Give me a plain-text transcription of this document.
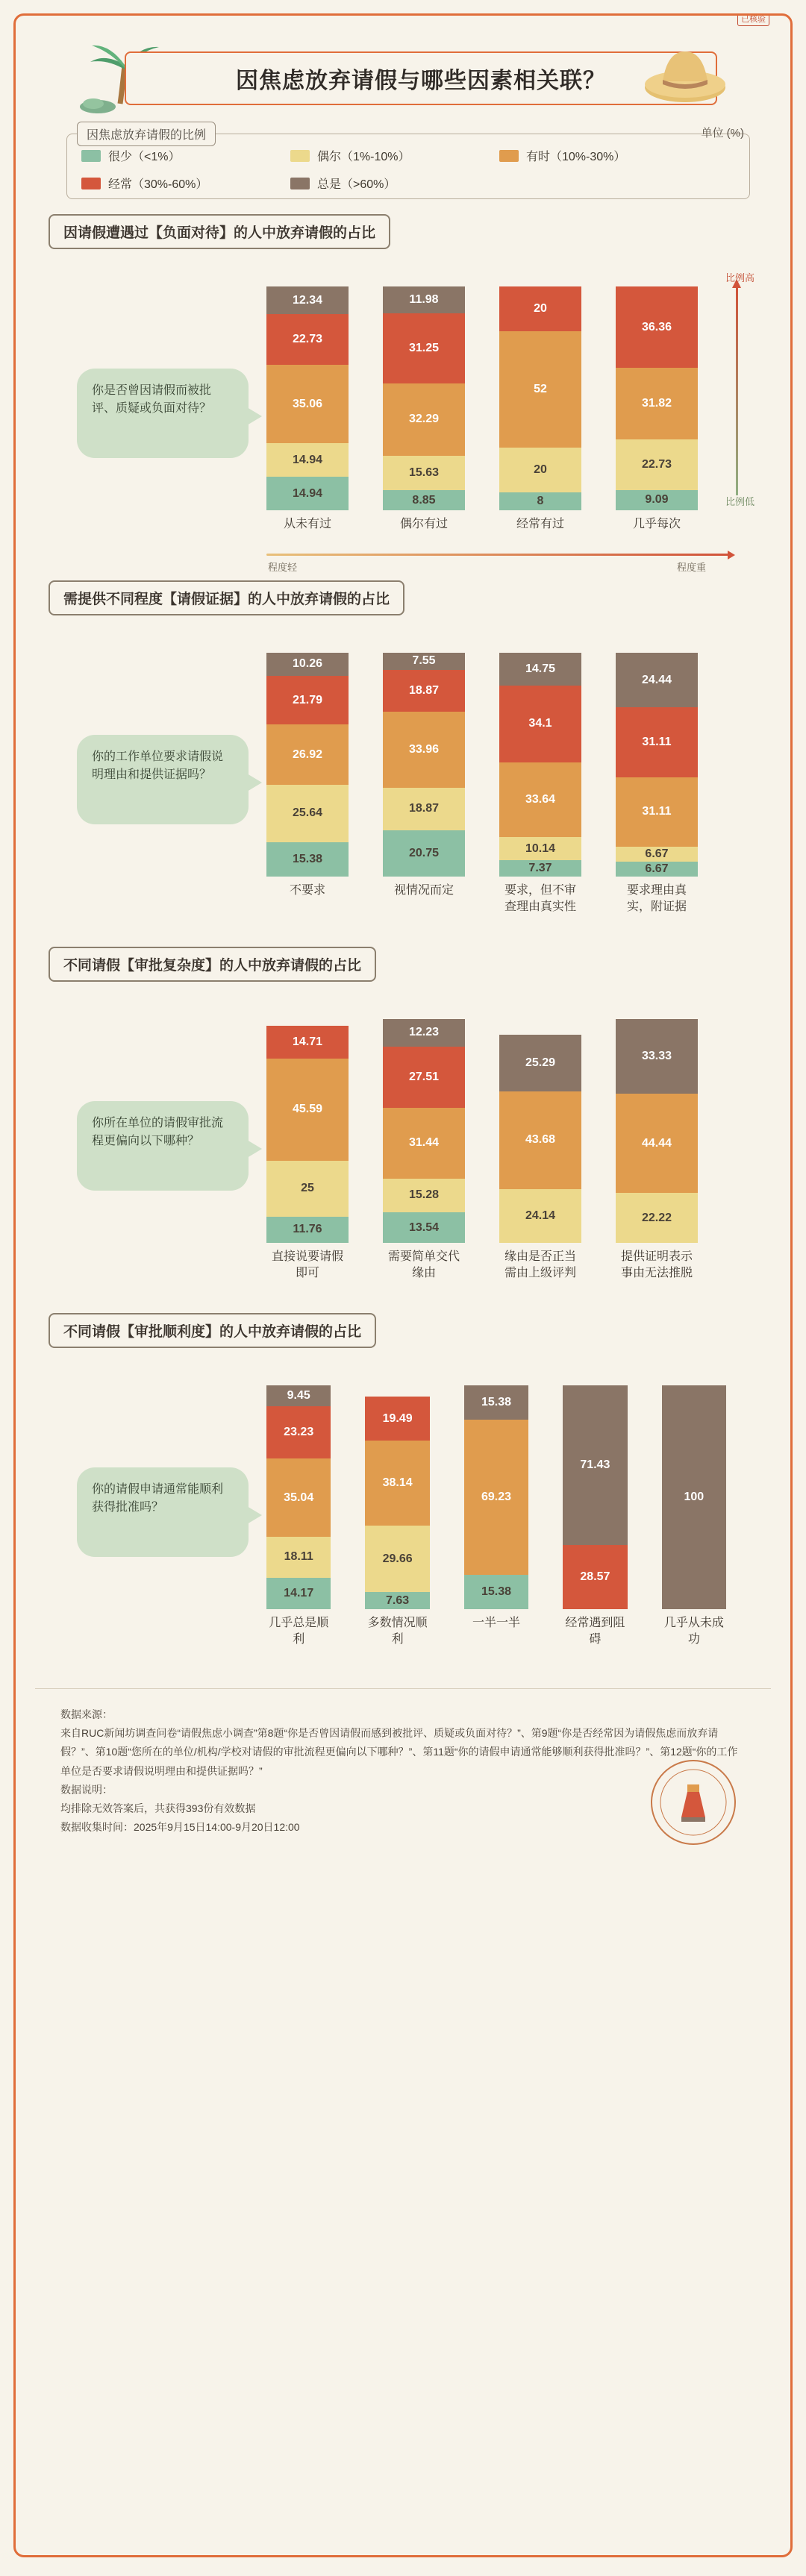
因焦虑放弃请假与哪些因素相关联？
因焦虑放弃请假的比例	单位 (%)
很少（<1%）	偶尔（1%-10%）	有时（10%-30%）
经常（30%-60%）	总是（>60%）
因请假遭遇过【负面对待】的人中放弃请假的占比
你是否曾因请假而被批评、质疑或负面对待？
12.34
22.73
35.06
14.94
14.94
11.98
31.25
32.29
15.63
8.85
20
52
20
8
36.36
31.82
22.73
9.09
从未有过	偶尔有过	经常有过	几乎每次
程度轻	程度重
比例高
比例低
需提供不同程度【请假证据】的人中放弃请假的占比
你的工作单位要求请假说明理由和提供证据吗？
10.26
21.79
26.92
25.64
15.38
7.55
18.87
33.96
18.87
20.75
14.75
34.1
33.64
10.14
7.37
24.44
31.11
31.11
6.67
6.67
不要求	视情况而定	要求，但不审查理由真实性
要求理由真实，附证据
不同请假【审批复杂度】的人中放弃请假的占比
你所在单位的请假审批流程更偏向以下哪种？
14.71
45.59
25
11.76
12.23
27.51
31.44
15.28
13.54
25.29
43.68
24.14
33.33
44.44
22.22
直接说要请假即可
需要简单交代缘由
缘由是否正当需由上级评判
提供证明表示事由无法推脱
不同请假【审批顺利度】的人中放弃请假的占比
你的请假申请通常能顺利获得批准吗？
9.45
23.23
35.04
18.11
14.17
19.49
38.14
29.66
7.63
15.38
69.23
15.38
71.43
28.57
100
几乎总是顺利
多数情况顺利
一半一半	经常遇到阻碍
几乎从未成功
数据来源：
来自RUC新闻坊调查问卷“请假焦虑小调查”第8题“你是否曾因请假而感到被批评、质疑或负面对待？”、第9题“你是否经常因为请假焦虑而放弃请假？”、第10题“您所在的单位/机构/学校对请假的审批流程更偏向以下哪种？”、第11题“你的请假申请通常能够顺利获得批准吗？”、第12题“你的工作单位是否要求请假说明理由和提供证据吗？”
数据说明：
均排除无效答案后，共获得393份有效数据
数据收集时间：2025年9月15日14:00-9月20日12:00
已核验
